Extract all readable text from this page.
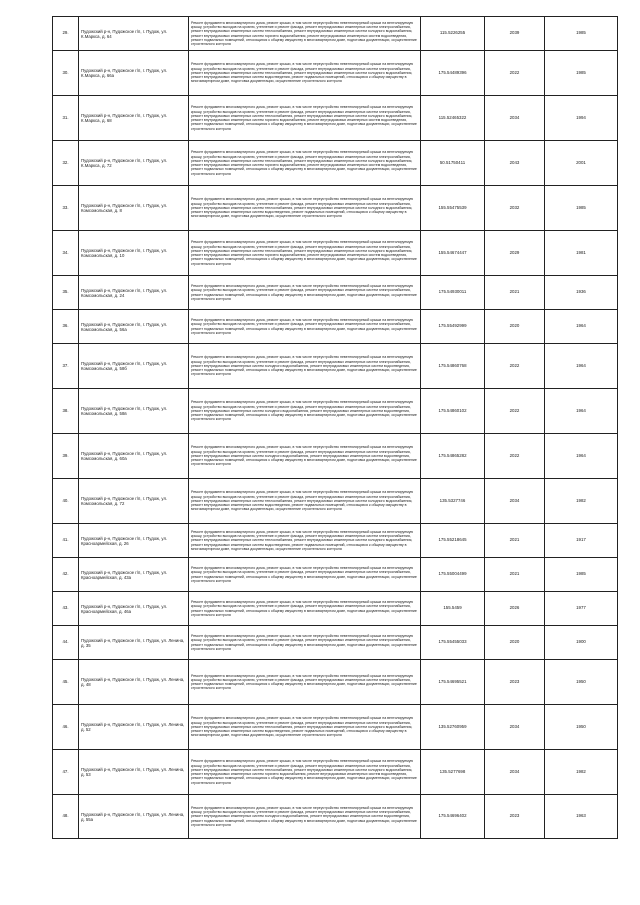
29.	Пудожский р-н, Пудожское г/п, г. Пудож, ул. К.Маркса, д. 64	Ремонт фундамента многоквартирного дома, ремонт крыши, в том числе переустройство невентилируемой крыши на вентилируемую крышу, устройство выходов на кровлю, утепление и ремонт фасада, ремонт внутридомовых инженерных систем электроснабжения, ремонт внутридомовых инженерных систем теплоснабжения, ремонт внутридомовых инженерных систем холодного водоснабжения, ремонт внутридомовых инженерных систем горячего водоснабжения, ремонт внутридомовых инженерных систем водоотведения, ремонт подвальных помещений, относящихся к общему имуществу в многоквартирном доме, подготовка документации, осуществление строительного контроля	115.5226255	2039	1985
30.	Пудожский р-н, Пудожское г/п, г. Пудож, ул. К.Маркса, д. 66а	Ремонт фундамента многоквартирного дома, ремонт крыши, в том числе переустройство невентилируемой крыши на вентилируемую крышу, устройство выходов на кровлю, утепление и ремонт фасада, ремонт внутридомовых инженерных систем электроснабжения, ремонт внутридомовых инженерных систем теплоснабжения, ремонт внутридомовых инженерных систем холодного водоснабжения, ремонт внутридомовых инженерных систем водоотведения, ремонт подвальных помещений, относящихся к общему имуществу в многоквартирном доме, подготовка документации, осуществление строительного контроля	175.54489396	2022	1985
31.	Пудожский р-н, Пудожское г/п, г. Пудож, ул. К.Маркса, д. 68	Ремонт фундамента многоквартирного дома, ремонт крыши, в том числе переустройство невентилируемой крыши на вентилируемую крышу, устройство выходов на кровлю, утепление и ремонт фасада, ремонт внутридомовых инженерных систем электроснабжения, ремонт внутридомовых инженерных систем теплоснабжения, ремонт внутридомовых инженерных систем холодного водоснабжения, ремонт внутридомовых инженерных систем горячего водоснабжения, ремонт внутридомовых инженерных систем водоотведения, ремонт подвальных помещений, относящихся к общему имуществу в многоквартирном доме, подготовка документации, осуществление строительного контроля	115.52465322	2034	1994
32.	Пудожский р-н, Пудожское г/п, г. Пудож, ул. К.Маркса, д. 72	Ремонт фундамента многоквартирного дома, ремонт крыши, в том числе переустройство невентилируемой крыши на вентилируемую крышу, устройство выходов на кровлю, утепление и ремонт фасада, ремонт внутридомовых инженерных систем электроснабжения, ремонт внутридомовых инженерных систем теплоснабжения, ремонт внутридомовых инженерных систем холодного водоснабжения, ремонт внутридомовых инженерных систем горячего водоснабжения, ремонт внутридомовых инженерных систем водоотведения, ремонт подвальных помещений, относящихся к общему имуществу в многоквартирном доме, подготовка документации, осуществление строительного контроля	50.51750411	2043	2001
33.	Пудожский р-н, Пудожское г/п, г. Пудож, ул. Комсомольская, д. 8	Ремонт фундамента многоквартирного дома, ремонт крыши, в том числе переустройство невентилируемой крыши на вентилируемую крышу, устройство выходов на кровлю, утепление и ремонт фасада, ремонт внутридомовых инженерных систем электроснабжения, ремонт внутридомовых инженерных систем теплоснабжения, ремонт внутридомовых инженерных систем холодного водоснабжения, ремонт внутридомовых инженерных систем водоотведения, ремонт подвальных помещений, относящихся к общему имуществу в многоквартирном доме, подготовка документации, осуществление строительного контроля	155.55475539	2032	1985
34.	Пудожский р-н, Пудожское г/п, г. Пудож, ул. Комсомольская, д. 10	Ремонт фундамента многоквартирного дома, ремонт крыши, в том числе переустройство невентилируемой крыши на вентилируемую крышу, устройство выходов на кровлю, утепление и ремонт фасада, ремонт внутридомовых инженерных систем электроснабжения, ремонт внутридомовых инженерных систем теплоснабжения, ремонт внутридомовых инженерных систем холодного водоснабжения, ремонт внутридомовых инженерных систем горячего водоснабжения, ремонт внутридомовых инженерных систем водоотведения, ремонт подвальных помещений, относящихся к общему имуществу в многоквартирном доме, подготовка документации, осуществление строительного контроля	155.54674447	2029	1981
35.	Пудожский р-н, Пудожское г/п, г. Пудож, ул. Комсомольская, д. 24	Ремонт фундамента многоквартирного дома, ремонт крыши, в том числе переустройство невентилируемой крыши на вентилируемую крышу, устройство выходов на кровлю, утепление и ремонт фасада, ремонт внутридомовых инженерных систем электроснабжения, ремонт подвальных помещений, относящихся к общему имуществу в многоквартирном доме, подготовка документации, осуществление строительного контроля	175.54930011	2021	1936
36.	Пудожский р-н, Пудожское г/п, г. Пудож, ул. Комсомольская, д. 56а	Ремонт фундамента многоквартирного дома, ремонт крыши, в том числе переустройство невентилируемой крыши на вентилируемую крышу, устройство выходов на кровлю, утепление и ремонт фасада, ремонт внутридомовых инженерных систем электроснабжения, ремонт подвальных помещений, относящихся к общему имуществу в многоквартирном доме, подготовка документации, осуществление строительного контроля	175.55492999	2020	1964
37.	Пудожский р-н, Пудожское г/п, г. Пудож, ул. Комсомольская, д. 58б	Ремонт фундамента многоквартирного дома, ремонт крыши, в том числе переустройство невентилируемой крыши на вентилируемую крышу, устройство выходов на кровлю, утепление и ремонт фасада, ремонт внутридомовых инженерных систем электроснабжения, ремонт внутридомовых инженерных систем холодного водоснабжения, ремонт внутридомовых инженерных систем водоотведения, ремонт подвальных помещений, относящихся к общему имуществу в многоквартирном доме, подготовка документации, осуществление строительного контроля	175.54860768	2022	1964
38.	Пудожский р-н, Пудожское г/п, г. Пудож, ул. Комсомольская, д. 58в	Ремонт фундамента многоквартирного дома, ремонт крыши, в том числе переустройство невентилируемой крыши на вентилируемую крышу, устройство выходов на кровлю, утепление и ремонт фасада, ремонт внутридомовых инженерных систем электроснабжения, ремонт внутридомовых инженерных систем холодного водоснабжения, ремонт внутридомовых инженерных систем водоотведения, ремонт подвальных помещений, относящихся к общему имуществу в многоквартирном доме, подготовка документации, осуществление строительного контроля	175.54860102	2022	1964
39.	Пудожский р-н, Пудожское г/п, г. Пудож, ул. Комсомольская, д. 60а	Ремонт фундамента многоквартирного дома, ремонт крыши, в том числе переустройство невентилируемой крыши на вентилируемую крышу, устройство выходов на кровлю, утепление и ремонт фасада, ремонт внутридомовых инженерных систем электроснабжения, ремонт внутридомовых инженерных систем холодного водоснабжения, ремонт внутридомовых инженерных систем водоотведения, ремонт подвальных помещений, относящихся к общему имуществу в многоквартирном доме, подготовка документации, осуществление строительного контроля	175.54865282	2022	1964
40.	Пудожский р-н, Пудожское г/п, г. Пудож, ул. Комсомольская, д. 72	Ремонт фундамента многоквартирного дома, ремонт крыши, в том числе переустройство невентилируемой крыши на вентилируемую крышу, устройство выходов на кровлю, утепление и ремонт фасада, ремонт внутридомовых инженерных систем электроснабжения, ремонт внутридомовых инженерных систем теплоснабжения, ремонт внутридомовых инженерных систем холодного водоснабжения, ремонт внутридомовых инженерных систем водоотведения, ремонт подвальных помещений, относящихся к общему имуществу в многоквартирном доме, подготовка документации, осуществление строительного контроля	135.5327746	2034	1982
41.	Пудожский р-н, Пудожское г/п, г. Пудож, ул. Красноармейская, д. 26	Ремонт фундамента многоквартирного дома, ремонт крыши, в том числе переустройство невентилируемой крыши на вентилируемую крышу, устройство выходов на кровлю, утепление и ремонт фасада, ремонт внутридомовых инженерных систем электроснабжения, ремонт внутридомовых инженерных систем теплоснабжения, ремонт внутридомовых инженерных систем холодного водоснабжения, ремонт внутридомовых инженерных систем водоотведения, ремонт подвальных помещений, относящихся к общему имуществу в многоквартирном доме, подготовка документации, осуществление строительного контроля	175.55218645	2021	1917
42.	Пудожский р-н, Пудожское г/п, г. Пудож, ул. Красноармейская, д. 43а	Ремонт фундамента многоквартирного дома, ремонт крыши, в том числе переустройство невентилируемой крыши на вентилируемую крышу, устройство выходов на кровлю, утепление и ремонт фасада, ремонт внутридомовых инженерных систем электроснабжения, ремонт подвальных помещений, относящихся к общему имуществу в многоквартирном доме, подготовка документации, осуществление строительного контроля	175.55004499	2021	1985
43.	Пудожский р-н, Пудожское г/п, г. Пудож, ул. Красноармейская, д. 46а	Ремонт фундамента многоквартирного дома, ремонт крыши, в том числе переустройство невентилируемой крыши на вентилируемую крышу, устройство выходов на кровлю, утепление и ремонт фасада, ремонт внутридомовых инженерных систем электроснабжения, ремонт подвальных помещений, относящихся к общему имуществу в многоквартирном доме, подготовка документации, осуществление строительного контроля	155.5459	2026	1977
44.	Пудожский р-н, Пудожское г/п, г. Пудож, ул. Ленина, д. 35	Ремонт фундамента многоквартирного дома, ремонт крыши, в том числе переустройство невентилируемой крыши на вентилируемую крышу, устройство выходов на кровлю, утепление и ремонт фасада, ремонт внутридомовых инженерных систем электроснабжения, ремонт подвальных помещений, относящихся к общему имуществу в многоквартирном доме, подготовка документации, осуществление строительного контроля	175.55455033	2020	1900
45.	Пудожский р-н, Пудожское г/п, г. Пудож, ул. Ленина, д. 48	Ремонт фундамента многоквартирного дома, ремонт крыши, в том числе переустройство невентилируемой крыши на вентилируемую крышу, устройство выходов на кровлю, утепление и ремонт фасада, ремонт внутридомовых инженерных систем электроснабжения, ремонт подвальных помещений, относящихся к общему имуществу в многоквартирном доме, подготовка документации, осуществление строительного контроля	175.54695521	2023	1950
46.	Пудожский р-н, Пудожское г/п, г. Пудож, ул. Ленина, д. 52	Ремонт фундамента многоквартирного дома, ремонт крыши, в том числе переустройство невентилируемой крыши на вентилируемую крышу, устройство выходов на кровлю, утепление и ремонт фасада, ремонт внутридомовых инженерных систем электроснабжения, ремонт внутридомовых инженерных систем теплоснабжения, ремонт внутридомовых инженерных систем холодного водоснабжения, ремонт внутридомовых инженерных систем водоотведения, ремонт подвальных помещений, относящихся к общему имуществу в многоквартирном доме, подготовка документации, осуществление строительного контроля	135.52760959	2034	1950
47.	Пудожский р-н, Пудожское г/п, г. Пудож, ул. Ленина, д. 53	Ремонт фундамента многоквартирного дома, ремонт крыши, в том числе переустройство невентилируемой крыши на вентилируемую крышу, устройство выходов на кровлю, утепление и ремонт фасада, ремонт внутридомовых инженерных систем электроснабжения, ремонт внутридомовых инженерных систем теплоснабжения, ремонт внутридомовых инженерных систем холодного водоснабжения, ремонт внутридомовых инженерных систем горячего водоснабжения, ремонт внутридомовых инженерных систем водоотведения, ремонт подвальных помещений, относящихся к общему имуществу в многоквартирном доме, подготовка документации, осуществление строительного контроля	135.5277698	2034	1982
48.	Пудожский р-н, Пудожское г/п, г. Пудож, ул. Ленина, д. 55а	Ремонт фундамента многоквартирного дома, ремонт крыши, в том числе переустройство невентилируемой крыши на вентилируемую крышу, устройство выходов на кровлю, утепление и ремонт фасада, ремонт внутридомовых инженерных систем электроснабжения, ремонт внутридомовых инженерных систем холодного водоснабжения, ремонт внутридомовых инженерных систем водоотведения, ремонт подвальных помещений, относящихся к общему имуществу в многоквартирном доме, подготовка документации, осуществление строительного контроля	175.54696402	2023	1963
